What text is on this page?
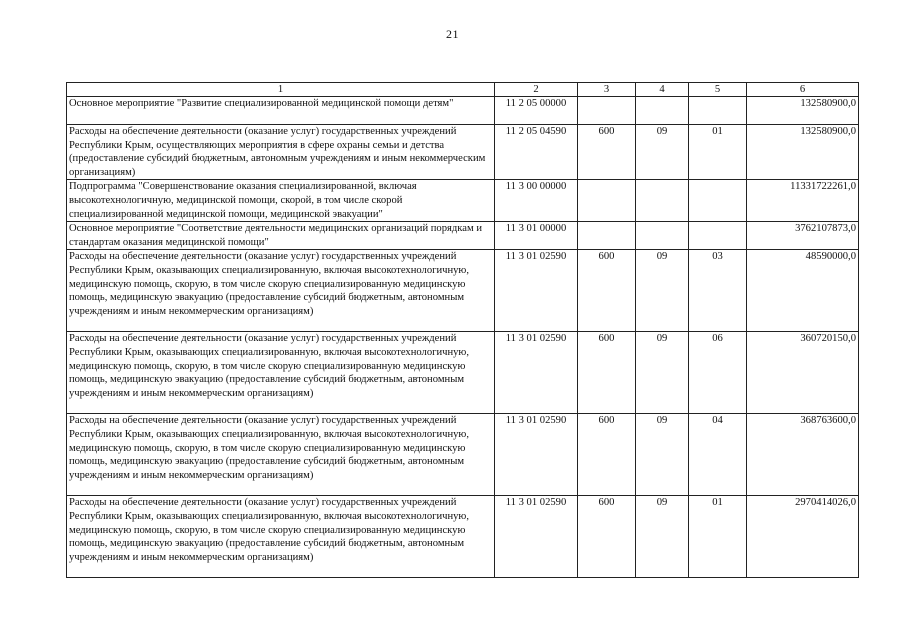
21
1	2	3	4	5	6
Основное мероприятие "Развитие специализированной медицинской помощи детям"	11 2 05 00000				132580900,0
Расходы на обеспечение деятельности (оказание услуг) государственных учреждений Республики Крым, осуществляющих мероприятия в сфере охраны семьи и детства (предоставление субсидий бюджетным, автономным учреждениям и иным некоммерческим организациям)	11 2 05 04590	600	09	01	132580900,0
Подпрограмма "Совершенствование оказания специализированной, включая высокотехнологичную, медицинской помощи, скорой, в том числе скорой специализированной медицинской помощи, медицинской эвакуации"	11 3 00 00000				11331722261,0
Основное мероприятие "Соответствие деятельности медицинских организаций порядкам и стандартам оказания медицинской помощи"	11 3 01 00000				3762107873,0
Расходы на обеспечение деятельности (оказание услуг) государственных учреждений Республики Крым, оказывающих специализированную, включая высокотехнологичную, медицинскую помощь, скорую, в том числе скорую специализированную медицинскую помощь, медицинскую эвакуацию (предоставление субсидий бюджетным, автономным учреждениям и иным некоммерческим организациям)	11 3 01 02590	600	09	03	48590000,0
Расходы на обеспечение деятельности (оказание услуг) государственных учреждений Республики Крым, оказывающих специализированную, включая высокотехнологичную, медицинскую помощь, скорую, в том числе скорую специализированную медицинскую помощь, медицинскую эвакуацию (предоставление субсидий бюджетным, автономным учреждениям и иным некоммерческим организациям)	11 3 01 02590	600	09	06	360720150,0
Расходы на обеспечение деятельности (оказание услуг) государственных учреждений Республики Крым, оказывающих специализированную, включая высокотехнологичную, медицинскую помощь, скорую, в том числе скорую специализированную медицинскую помощь, медицинскую эвакуацию (предоставление субсидий бюджетным, автономным учреждениям и иным некоммерческим организациям)	11 3 01 02590	600	09	04	368763600,0
Расходы на обеспечение деятельности (оказание услуг) государственных учреждений Республики Крым, оказывающих специализированную, включая высокотехнологичную, медицинскую помощь, скорую, в том числе скорую специализированную медицинскую помощь, медицинскую эвакуацию (предоставление субсидий бюджетным, автономным учреждениям и иным некоммерческим организациям)	11 3 01 02590	600	09	01	2970414026,0
